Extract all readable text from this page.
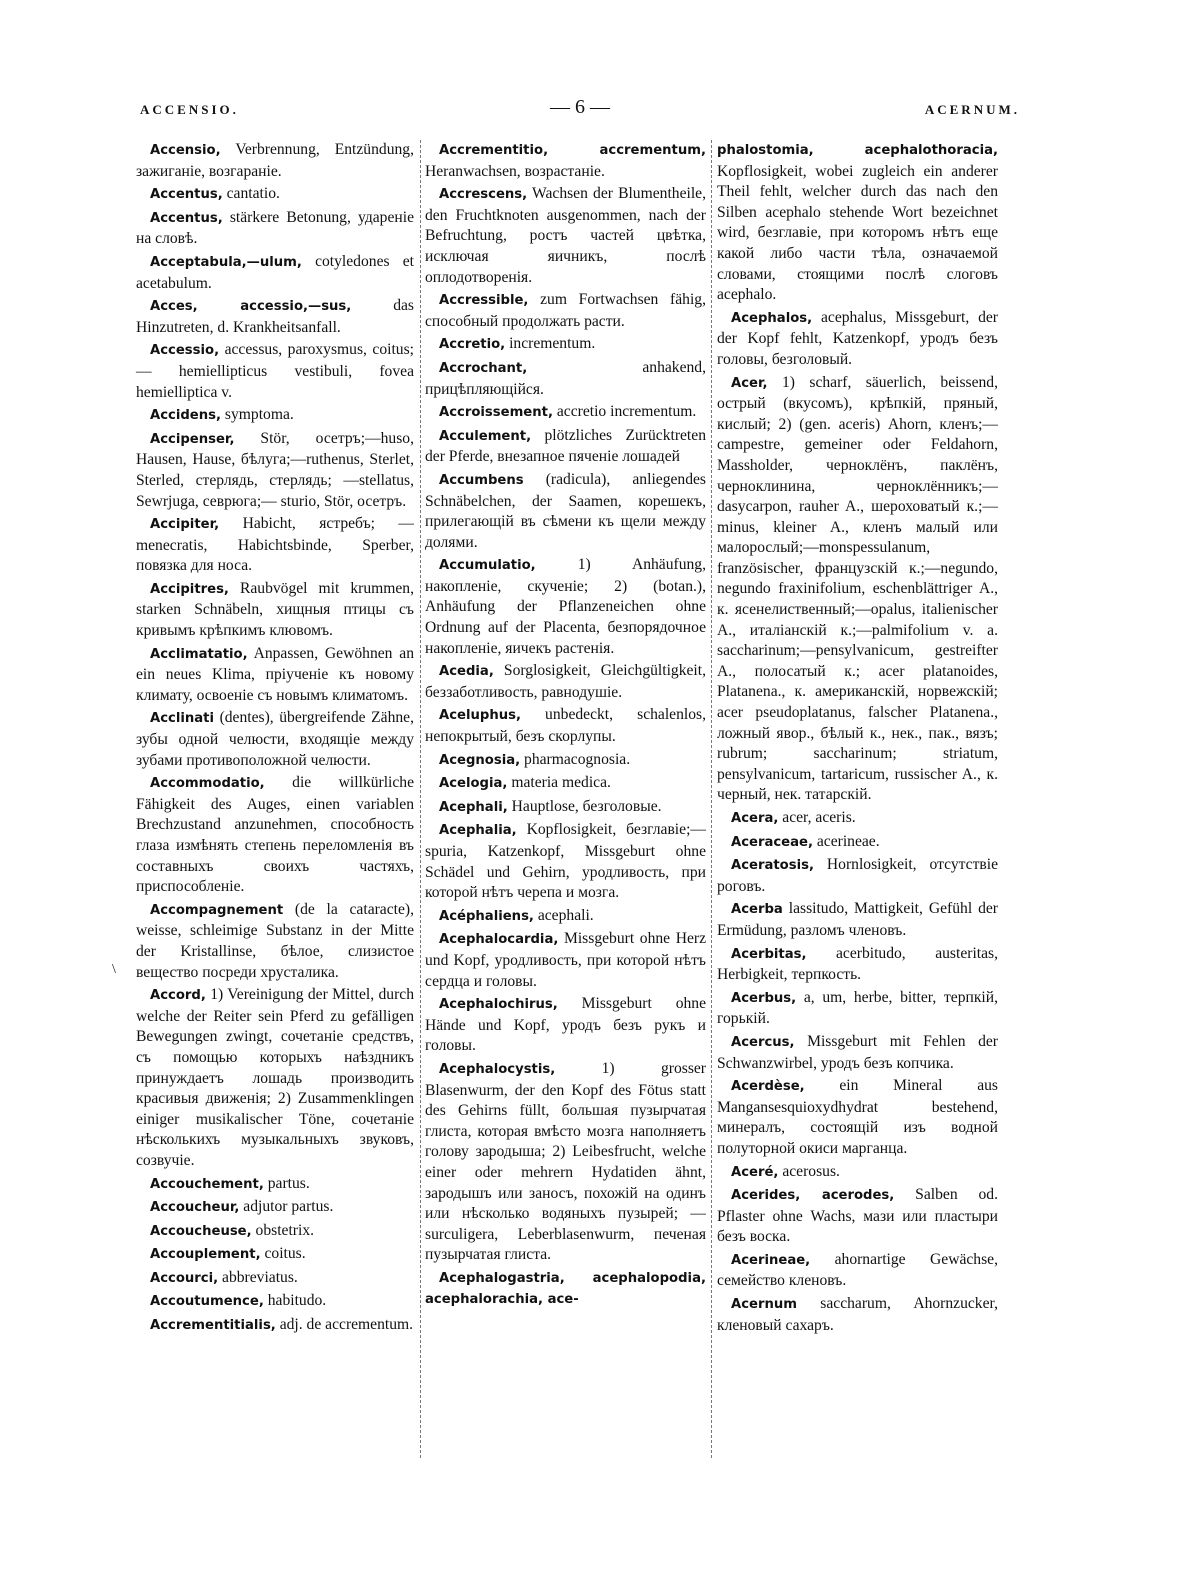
ACCENSIO.	— 6 —	ACERNUM.
\

Accensio, Verbrennung, Entzündung, зажиганіе, возгараніе.

Accentus, cantatio.

Accentus, stärkere Betonung, удареніе на словѣ.

Acceptabula,—ulum, cotyledones et acetabulum.

Acces, accessio,—sus, das Hinzutreten, d. Krankheitsanfall.

Accessio, accessus, paroxysmus, coitus; — hemiellipticus vestibuli, fovea hemielliptica v.

Accidens, symptoma.

Accipenser, Stör, осетръ;—huso, Hausen, Hause, бѣлуга;—ruthenus, Sterlet, Sterled, стерлядь, стерлядь; —stellatus, Sewrjuga, севрюга;— sturio, Stör, осетръ.

Accipiter, Habicht, ястребъ; — menecratis, Habichtsbinde, Sperber, повязка для носа.

Accipitres, Raubvögel mit krummen, starken Schnäbeln, хищныя птицы съ кривымъ крѣпкимъ клювомъ.

Acclimatatio, Anpassen, Gewöhnen an ein neues Klima, пріученіе къ новому климату, освоеніе съ новымъ климатомъ.

Acclinati (dentes), übergreifende Zähne, зубы одной челюсти, входящіе между зубами противоположной челюсти.

Accommodatio, die willkürliche Fähigkeit des Auges, einen variablen Brechzustand anzunehmen, способность глаза измѣнять степень переломленія въ составныхъ своихъ частяхъ, приспособленіе.

Accompagnement (de la cataracte), weisse, schleimige Substanz in der Mitte der Kristallinse, бѣлое, слизистое вещество посреди хрусталика.

Accord, 1) Vereinigung der Mittel, durch welche der Reiter sein Pferd zu gefälligen Bewegungen zwingt, сочетаніе средствъ, съ помощью которыхъ наѣздникъ принуждаетъ лошадь производить красивыя движенія; 2) Zusammenklingen einiger musikalischer Töne, сочетаніе нѣсколькихъ музыкальныхъ звуковъ, созвучіе.

Accouchement, partus.

Accoucheur, adjutor partus.

Accoucheuse, obstetrix.

Accouplement, coitus.

Accourci, abbreviatus.

Accoutumence, habitudo.

Accrementitialis, adj. de accrementum.

Accrementitio, accrementum, Heranwachsen, возрастаніе.

Accrescens, Wachsen der Blumentheile, den Fruchtknoten ausgenommen, nach der Befruchtung, ростъ частей цвѣтка, исключая яичникъ, послѣ оплодотворенія.

Accressible, zum Fortwachsen fähig, способный продолжать расти.

Accretio, incrementum.

Accrochant, anhakend, прицѣпляющійся.

Accroissement, accretio incrementum.

Acculement, plötzliches Zurücktreten der Pferde, внезапное пяченіе лошадей

Accumbens (radicula), anliegendes Schnäbelchen, der Saamen, корешекъ, прилегающій въ сѣмени къ щели между долями.

Accumulatio, 1) Anhäufung, накопленіе, скученіе; 2) (botan.), Anhäufung der Pflanzeneichen ohne Ordnung auf der Placenta, безпорядочное накопленіе, яичекъ растенія.

Acedia, Sorglosigkeit, Gleichgültigkeit, беззаботливость, равнодушіе.

Aceluphus, unbedeckt, schalenlos, непокрытый, безъ скорлупы.

Acegnosia, pharmacognosia.

Acelogia, materia medica.

Acephali, Hauptlose, безголовые.

Acephalia, Kopflosigkeit, безглавіе;—spuria, Katzenkopf, Missgeburt ohne Schädel und Gehirn, уродливость, при которой нѣтъ черепа и мозга.

Acéphaliens, acephali.

Acephalocardia, Missgeburt ohne Herz und Kopf, уродливость, при которой нѣтъ сердца и головы.

Acephalochirus, Missgeburt ohne Hände und Kopf, уродъ безъ рукъ и головы.

Acephalocystis, 1) grosser Blasenwurm, der den Kopf des Fötus statt des Gehirns füllt, большая пузырчатая глиста, которая вмѣсто мозга наполняетъ голову зародыша; 2) Leibesfrucht, welche einer oder mehrern Hydatiden ähnt, зародышъ или заносъ, похожій на одинъ или нѣсколько водяныхъ пузырей; — surculigera, Leberblasenwurm, печеная пузырчатая глиста.

Acephalogastria, acephalopodia, acephalorachia, ace-

phalostomia, acephalothoracia, Kopflosigkeit, wobei zugleich ein anderer Theil fehlt, welcher durch das nach den Silben acephalo stehende Wort bezeichnet wird, безглавіе, при которомъ нѣтъ еще какой либо части тѣла, означаемой словами, стоящими послѣ слоговъ acephalo.

Acephalos, acephalus, Missgeburt, der der Kopf fehlt, Katzenkopf, уродъ безъ головы, безголовый.

Acer, 1) scharf, säuerlich, beissend, острый (вкусомъ), крѣпкій, пряный, кислый; 2) (gen. aceris) Ahorn, кленъ;—campestre, gemeiner oder Feldahorn, Massholder, черноклёнъ, паклёнъ, черноклинина, черноклённикъ;—dasycarpon, rauher A., шероховатый к.;—minus, kleiner A., кленъ малый или малорослый;—monspessulanum, französischer, французскій к.;—negundo, negundo fraxinifolium, eschenblättriger A., к. ясенелиственный;—opalus, italienischer A., италіанскій к.;—palmifolium v. a. saccharinum;—pensylvanicum, gestreifter A., полосатый к.; acer platanoides, Platanena., к. американскій, норвежскій; acer pseudoplatanus, falscher Platanena., ложный явор., бѣлый к., нек., пак., вязъ; rubrum; saccharinum; striatum, pensylvanicum, tartaricum, russischer A., к. черный, нек. татарскій.

Acera, acer, aceris.

Aceraceae, acerineae.

Aceratosis, Hornlosigkeit, отсутствіе роговъ.

Acerba lassitudo, Mattigkeit, Gefühl der Ermüdung, разломъ членовъ.

Acerbitas, acerbitudo, austeritas, Herbigkeit, терпкость.

Acerbus, a, um, herbe, bitter, терпкій, горькій.

Acercus, Missgeburt mit Fehlen der Schwanzwirbel, уродъ безъ копчика.

Acerdèse, ein Mineral aus Mangansesquioxydhydrat bestehend, минералъ, состоящій изъ водной полуторной окиси марганца.

Aceré, acerosus.

Acerides, acerodes, Salben od. Pflaster ohne Wachs, мази или пластыри безъ воска.

Acerineae, ahornartige Gewächse, семейство кленовъ.

Acernum saccharum, Ahornzucker, кленовый сахаръ.
